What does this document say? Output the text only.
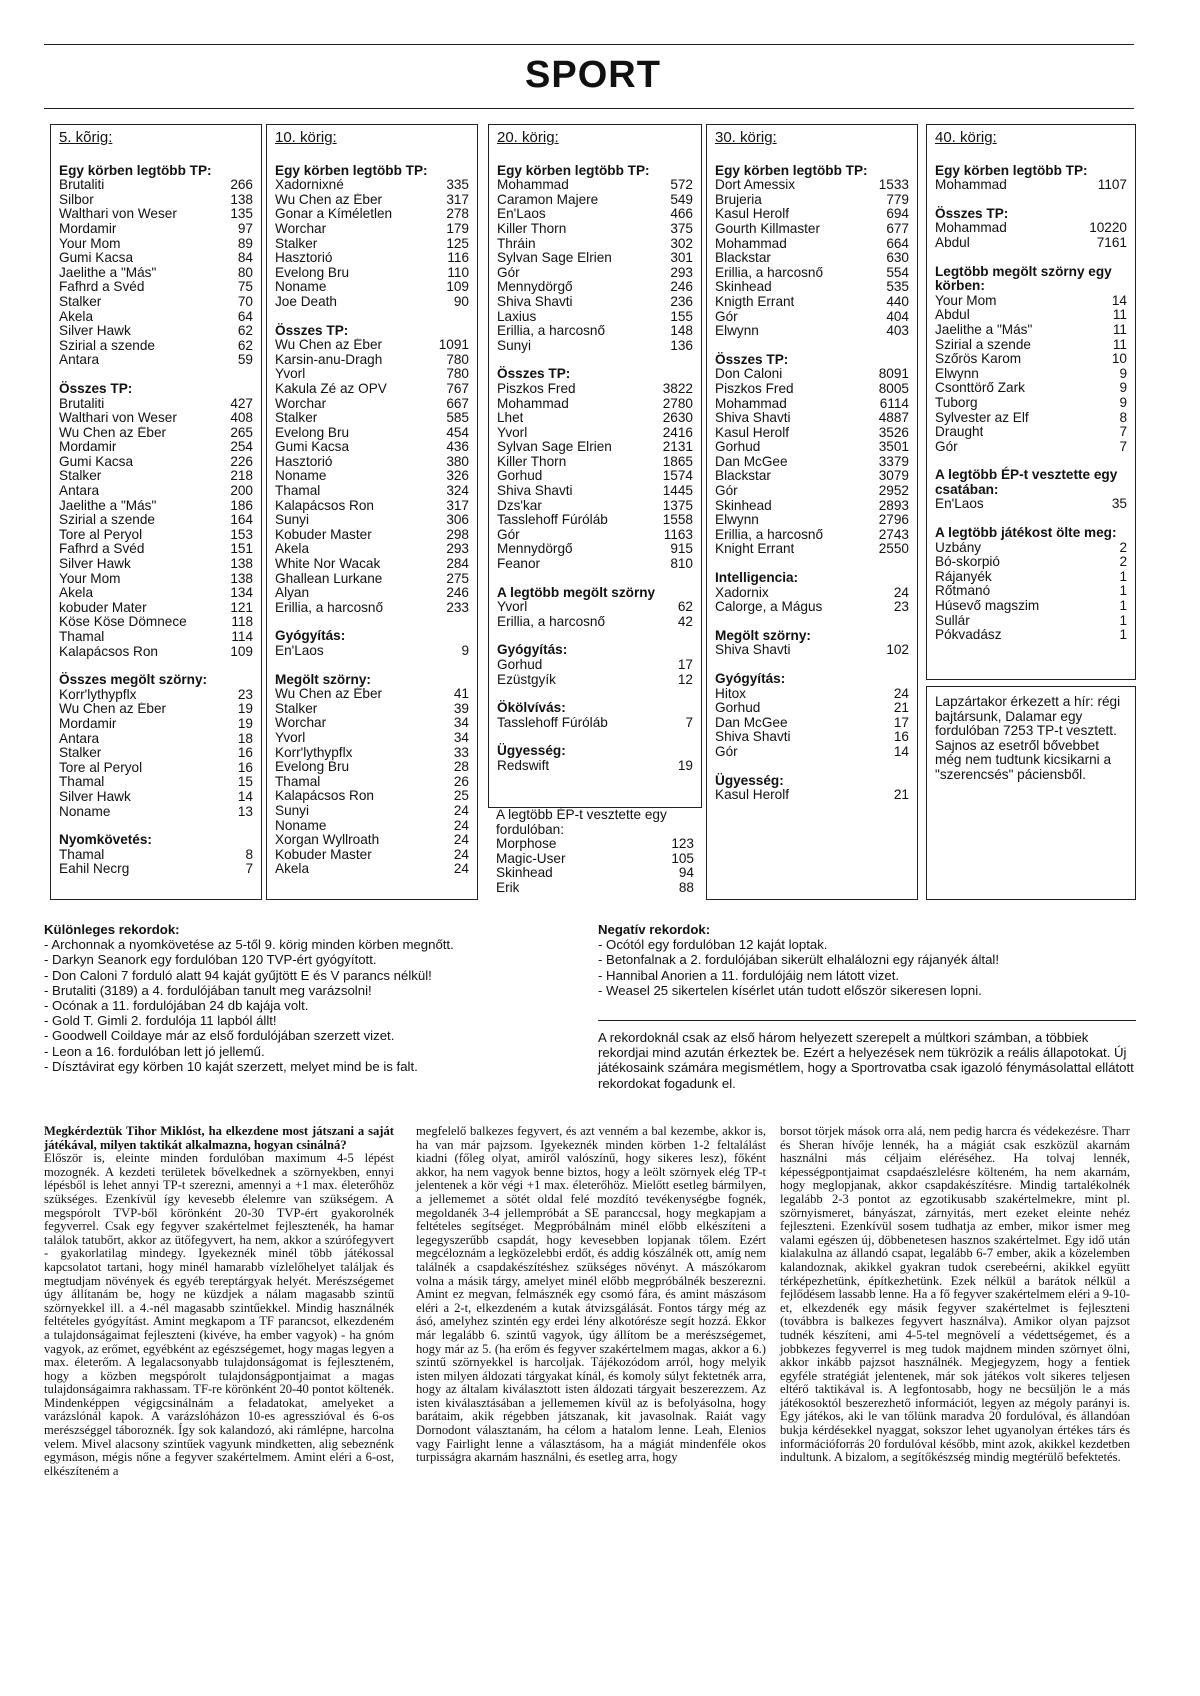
SPORT
5. kõrig:
Egy körben legtöbb TP:
Brutaliti	266
Silbor	138
Walthari von Weser	135
Mordamir	97
Your Mom	89
Gumi Kacsa	84
Jaelithe a "Más"	80
Fafhrd a Svéd	75
Stalker	70
Akela	64
Silver Hawk	62
Szirial a szende	62
Antara	59
Összes TP:
Brutaliti	427
Walthari von Weser	408
Wu Chen az Éber	265
Mordamir	254
Gumi Kacsa	226
Stalker	218
Antara	200
Jaelithe a "Más"	186
Szirial a szende	164
Tore al Peryol	153
Fafhrd a Svéd	151
Silver Hawk	138
Your Mom	138
Akela	134
kobuder Mater	121
Köse Köse Dömnece	118
Thamal	114
Kalapácsos Ron	109
Összes megölt szörny:
Korr'lythypflx	23
Wu Chen az Éber	19
Mordamir	19
Antara	18
Stalker	16
Tore al Peryol	16
Thamal	15
Silver Hawk	14
Noname	13
Nyomkövetés:
Thamal	8
Eahil Necrg	7
10. körig:
Egy körben legtöbb TP:
Xadornixné	335
Wu Chen az Éber	317
Gonar a Kíméletlen	278
Worchar	179
Stalker	125
Hasztorió	116
Evelong Bru	110
Noname	109
Joe Death	90
Összes TP:
Wu Chen az Éber	1091
Karsin-anu-Dragh	780
Yvorl	780
Kakula Zé az OPV	767
Worchar	667
Stalker	585
Evelong Bru	454
Gumi Kacsa	436
Hasztorió	380
Noname	326
Thamal	324
Kalapácsos Ron	317
Sunyi	306
Kobuder Master	298
Akela	293
White Nor Wacak	284
Ghallean Lurkane	275
Alyan	246
Erillia, a harcosnő	233
Gyógyítás:
En'Laos	9
Megölt szörny:
Wu Chen az Éber	41
Stalker	39
Worchar	34
Yvorl	34
Korr'lythypflx	33
Evelong Bru	28
Thamal	26
Kalapácsos Ron	25
Sunyi	24
Noname	24
Xorgan Wyllroath	24
Kobuder Master	24
Akela	24
20. körig:
Egy körben legtöbb TP:
Mohammad	572
Caramon Majere	549
En'Laos	466
Killer Thorn	375
Thráin	302
Sylvan Sage Elrien	301
Gór	293
Mennydörgő	246
Shiva Shavti	236
Laxius	155
Erillia, a harcosnő	148
Sunyi	136
Összes TP:
Piszkos Fred	3822
Mohammad	2780
Lhet	2630
Yvorl	2416
Sylvan Sage Elrien	2131
Killer Thorn	1865
Gorhud	1574
Shiva Shavti	1445
Dzs'kar	1375
Tasslehoff Fúróláb	1558
Gór	1163
Mennydörgő	915
Feanor	810
A legtöbb megölt szörny
Yvorl	62
Erillia, a harcosnő	42
Gyógyítás:
Gorhud	17
Ezüstgyík	12
Ökölvívás:
Tasslehoff Fúróláb	7
Ügyesség:
Redswift	19
A legtöbb ÉP-t vesztette egy fordulóban:
Morphose	123
Magic-User	105
Skinhead	94
Erik	88
30. körig:
Egy körben legtöbb TP:
Dort Amessix	1533
Brujeria	779
Kasul Herolf	694
Gourth Killmaster	677
Mohammad	664
Blackstar	630
Erillia, a harcosnő	554
Skinhead	535
Knigth Errant	440
Gór	404
Elwynn	403
Összes TP:
Don Caloni	8091
Piszkos Fred	8005
Mohammad	6114
Shiva Shavti	4887
Kasul Herolf	3526
Gorhud	3501
Dan McGee	3379
Blackstar	3079
Gór	2952
Skinhead	2893
Elwynn	2796
Erillia, a harcosnő	2743
Knight Errant	2550
Intelligencia:
Xadornix	24
Calorge, a Mágus	23
Megölt szörny:
Shiva Shavti	102
Gyógyítás:
Hitox	24
Gorhud	21
Dan McGee	17
Shiva Shavti	16
Gór	14
Ügyesség:
Kasul Herolf	21
40. körig:
Egy körben legtöbb TP:
Mohammad	1107
Összes TP:
Mohammad	10220
Abdul	7161
Legtöbb megölt szörny egy körben:
Your Mom	14
Abdul	11
Jaelithe a "Más"	11
Szirial a szende	11
Szőrös Karom	10
Elwynn	9
Csonttörő Zark	9
Tuborg	9
Sylvester az Elf	8
Draught	7
Gór	7
A legtöbb ÉP-t vesztette egy csatában:
En'Laos	35
A legtöbb játékost ölte meg:
Uzbány	2
Bó-skorpió	2
Rájanyék	1
Rőtmanó	1
Húsevő magszim	1
Sullár	1
Pókvadász	1
Lapzártakor érkezett a hír: régi bajtársunk, Dalamar egy fordulóban 7253 TP-t vesztett. Sajnos az esetről bővebbet még nem tudtunk kicsikarni a "szerencsés" páciensből.
Különleges rekordok:
- Archonnak a nyomkövetése az 5-től 9. körig minden körben megnőtt.
- Darkyn Seanork egy fordulóban 120 TVP-ért gyógyított.
- Don Caloni 7 forduló alatt 94 kaját gyűjtött E és V parancs nélkül!
- Brutaliti (3189) a 4. fordulójában tanult meg varázsolni!
- Ocónak a 11. fordulójában 24 db kajája volt.
- Gold T. Gimli 2. fordulója 11 lapból állt!
- Goodwell Coildaye már az első fordulójában szerzett vizet.
- Leon a 16. fordulóban lett jó jellemű.
- Dísztávirat egy körben 10 kaját szerzett, melyet mind be is falt.
Negatív rekordok:
- Ocótól egy fordulóban 12 kaját loptak.
- Betonfalnak a 2. fordulójában sikerült elhalálozni egy rájanyék által!
- Hannibal Anorien a 11. fordulójáig nem látott vizet.
- Weasel 25 sikertelen kísérlet után tudott először sikeresen lopni.
A rekordoknál csak az első három helyezett szerepelt a múltkori számban, a többiek rekordjai mind azután érkeztek be. Ezért a helyezések nem tükrözik a reális állapotokat. Új játékosaink számára megismétlem, hogy a Sportrovatba csak igazoló fénymásolattal ellátott rekordokat fogadunk el.

Megkérdeztük Tihor Miklóst, ha elkezdene most játszani a saját játékával, milyen taktikát alkalmazna, hogyan csinálná?

Először is, eleinte minden fordulóban maximum 4-5 lépést mozognék. A kezdeti területek bővelkednek a szörnyekben, ennyi lépésből is lehet annyi TP-t szerezni, amennyi a +1 max. életerőhöz szükséges. Ezenkívül így kevesebb élelemre van szükségem. A megspórolt TVP-ből körönként 20-30 TVP-ért gyakorolnék fegyverrel. Csak egy fegyver szakértelmet fejlesztenék, ha hamar találok tatubőrt, akkor az ütőfegyvert, ha nem, akkor a szúrófegyvert - gyakorlatilag mindegy. Igyekeznék minél több játékossal kapcsolatot tartani, hogy minél hamarabb vízlelőhelyet találjak és megtudjam növények és egyéb tereptárgyak helyét. Merészségemet úgy állítanám be, hogy ne küzdjek a nálam magasabb szintű szörnyekkel ill. a 4.-nél magasabb szintűekkel. Mindig használnék feltételes gyógyítást. Amint megkapom a TF parancsot, elkezdeném a tulajdonságaimat fejleszteni (kivéve, ha ember vagyok) - ha gnóm vagyok, az erőmet, egyébként az egészségemet, hogy magas legyen a max. életerőm. A legalacsonyabb tulajdonságomat is fejleszteném, hogy a közben megspórolt tulajdonságpontjaimat a magas tulajdonságaimra rakhassam. TF-re körönként 20-40 pontot költenék. Mindenképpen végigcsinálnám a feladatokat, amelyeket a varázslónál kapok. A varázslóházon 10-es agresszióval és 6-os merészséggel táboroznék. Így sok kalandozó, aki rámlépne, harcolna velem. Mivel alacsony szintűek vagyunk mindketten, alig sebeznénk egymáson, mégis nőne a fegyver szakértelmem. Amint eléri a 6-ost, elkészíteném a

megfelelő balkezes fegyvert, és azt venném a bal kezembe, akkor is, ha van már pajzsom. Igyekeznék minden körben 1-2 feltalálást kiadni (főleg olyat, amiről valószínű, hogy sikeres lesz), főként akkor, ha nem vagyok benne biztos, hogy a leölt szörnyek elég TP-t jelentenek a kör végi +1 max. életerőhöz. Mielőtt esetleg bármilyen, a jellememet a sötét oldal felé mozdító tevékenységbe fognék, megoldanék 3-4 jellempróbát a SE paranccsal, hogy megkapjam a feltételes segítséget. Megpróbálnám minél előbb elkészíteni a legegyszerűbb csapdát, hogy kevesebben lopjanak tőlem. Ezért megcéloznám a legközelebbi erdőt, és addig kószálnék ott, amíg nem találnék a csapdakészítéshez szükséges növényt. A mászókarom volna a másik tárgy, amelyet minél előbb megpróbálnék beszerezni. Amint ez megvan, felmásznék egy csomó fára, és amint mászásom eléri a 2-t, elkezdeném a kutak átvizsgálását. Fontos tárgy még az ásó, amelyhez szintén egy erdei lény alkotórésze segít hozzá. Ekkor már legalább 6. szintű vagyok, úgy állítom be a merészségemet, hogy már az 5. (ha erőm és fegyver szakértelmem magas, akkor a 6.) szintű szörnyekkel is harcoljak. Tájékozódom arról, hogy melyik isten milyen áldozati tárgyakat kínál, és komoly súlyt fektetnék arra, hogy az általam kiválasztott isten áldozati tárgyait beszerezzem. Az isten kiválasztásában a jellememen kívül az is befolyásolna, hogy barátaim, akik régebben játszanak, kit javasolnak. Raiát vagy Dornodont választanám, ha célom a hatalom lenne. Leah, Elenios vagy Fairlight lenne a választásom, ha a mágiát mindenféle okos turpisságra akarnám használni, és esetleg arra, hogy

borsot törjek mások orra alá, nem pedig harcra és védekezésre. Tharr és Sheran hívője lennék, ha a mágiát csak eszközül akarnám használni más céljaim eléréséhez. Ha tolvaj lennék, képességpontjaimat csapdaészlelésre költeném, ha nem akarnám, hogy meglopjanak, akkor csapdakészítésre. Mindig tartalékolnék legalább 2-3 pontot az egzotikusabb szakértelmekre, mint pl. szörnyismeret, bányászat, zárnyitás, mert ezeket eleinte nehéz fejleszteni. Ezenkívül sosem tudhatja az ember, mikor ismer meg valami egészen új, döbbenetesen hasznos szakértelmet. Egy idő után kialakulna az állandó csapat, legalább 6-7 ember, akik a közelemben kalandoznak, akikkel gyakran tudok cserebeérni, akikkel együtt térképezhetünk, építkezhetünk. Ezek nélkül a barátok nélkül a fejlődésem lassabb lenne. Ha a fő fegyver szakértelmem eléri a 9-10-et, elkezdenék egy másik fegyver szakértelmet is fejleszteni (továbbra is balkezes fegyvert használva). Amikor olyan pajzsot tudnék készíteni, ami 4-5-tel megnövelí a védettségemet, és a jobbkezes fegyverrel is meg tudok majdnem minden szörnyet ölni, akkor inkább pajzsot használnék. Megjegyzem, hogy a fentiek egyféle stratégiát jelentenek, már sok játékos volt sikeres teljesen eltérő taktikával is. A legfontosabb, hogy ne becsüljön le a más játékosoktól beszerezhető információt, legyen az mégoly parányi is. Egy játékos, aki le van tőlünk maradva 20 fordulóval, és állandóan bukja kérdésekkel nyaggat, sokszor lehet ugyanolyan értékes társ és információforrás 20 fordulóval később, mint azok, akikkel kezdetben indultunk. A bizalom, a segítőkészség mindig megtérülő befektetés.
